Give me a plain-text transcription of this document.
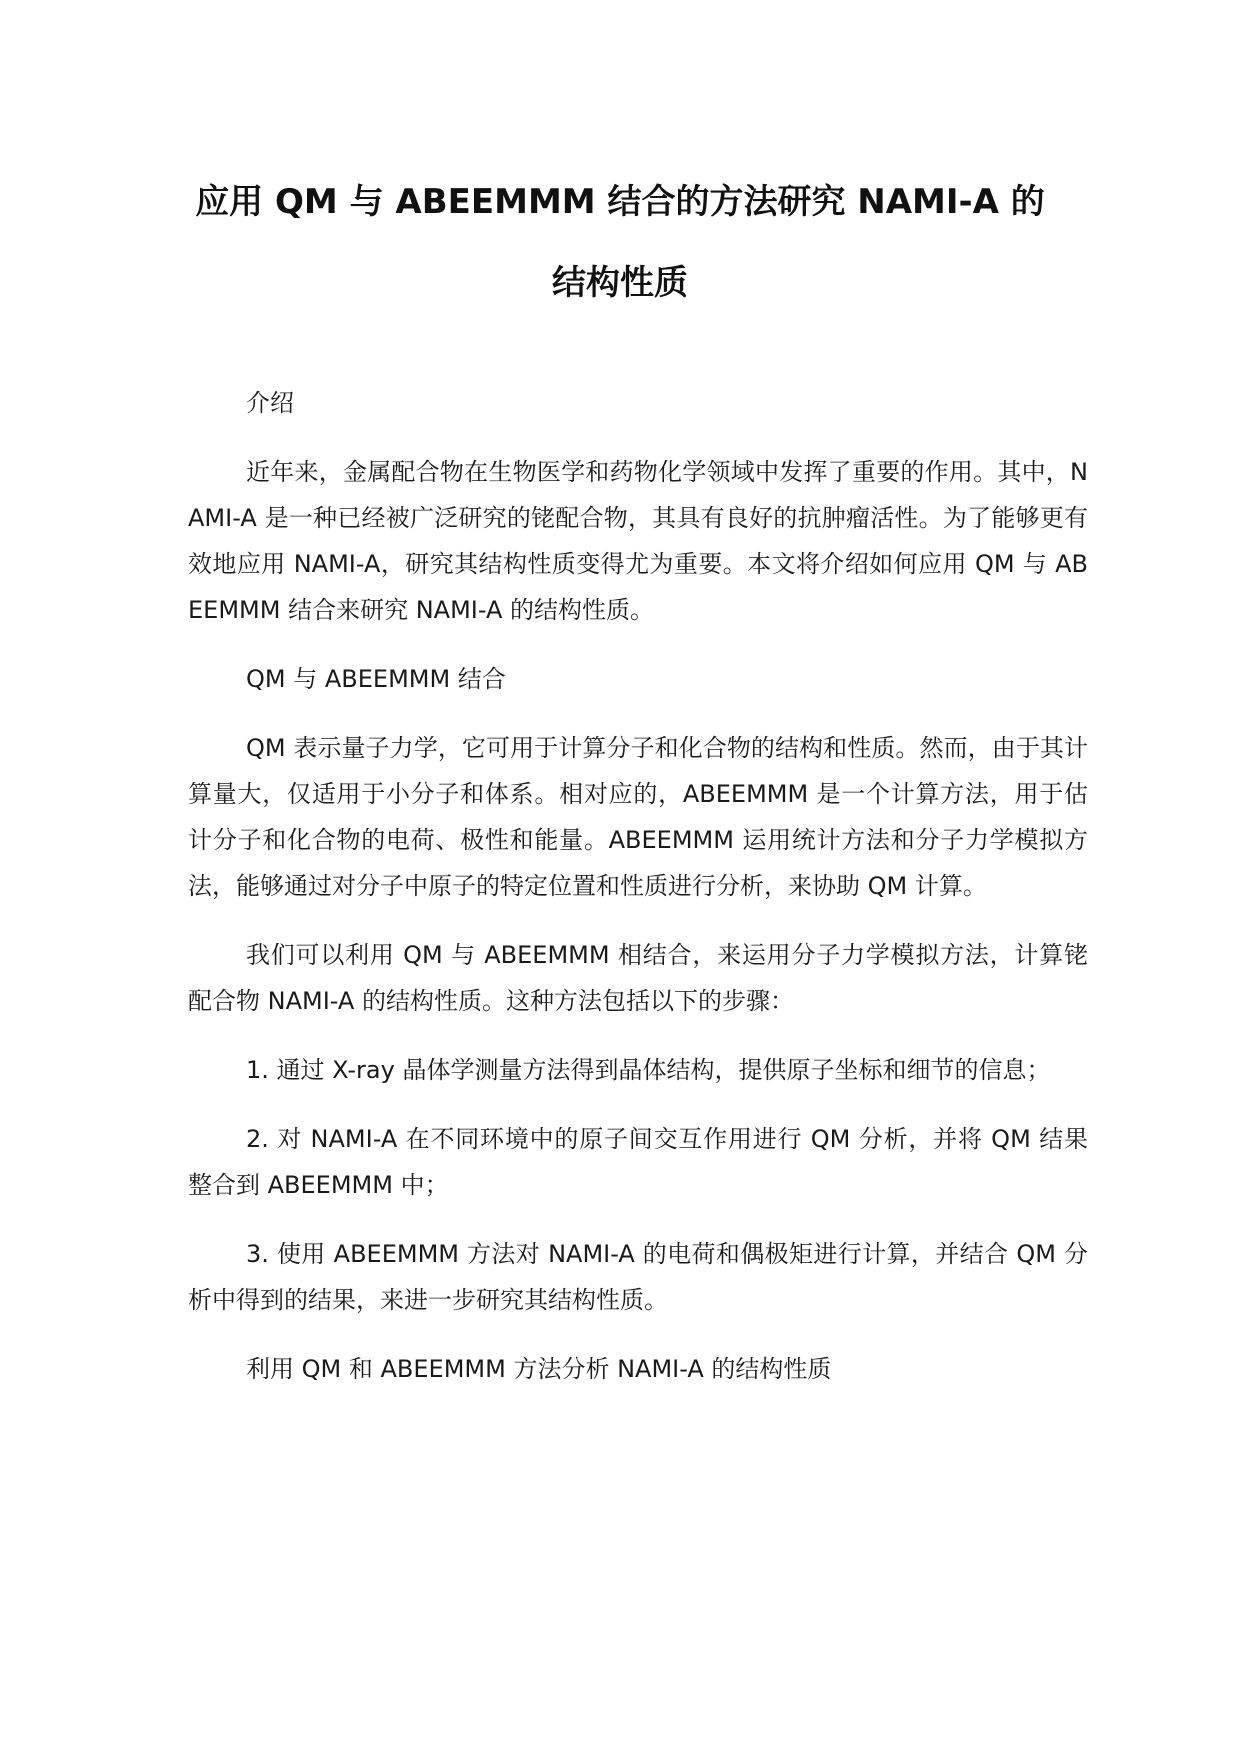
应用 QM 与 ABEEMMM 结合的方法研究 NAMI-A 的
结构性质

介绍

近年来，金属配合物在生物医学和药物化学领域中发挥了重要的作用。其中，NAMI-A 是一种已经被广泛研究的铑配合物，其具有良好的抗肿瘤活性。为了能够更有效地应用 NAMI-A，研究其结构性质变得尤为重要。本文将介绍如何应用 QM 与 ABEEMMM 结合来研究 NAMI-A 的结构性质。

QM 与 ABEEMMM 结合

QM 表示量子力学，它可用于计算分子和化合物的结构和性质。然而，由于其计算量大，仅适用于小分子和体系。相对应的，ABEEMMM 是一个计算方法，用于估计分子和化合物的电荷、极性和能量。ABEEMMM 运用统计方法和分子力学模拟方法，能够通过对分子中原子的特定位置和性质进行分析，来协助 QM 计算。

我们可以利用 QM 与 ABEEMMM 相结合，来运用分子力学模拟方法，计算铑配合物 NAMI-A 的结构性质。这种方法包括以下的步骤：

1. 通过 X-ray 晶体学测量方法得到晶体结构，提供原子坐标和细节的信息；

2. 对 NAMI-A 在不同环境中的原子间交互作用进行 QM 分析，并将 QM 结果整合到 ABEEMMM 中；

3. 使用 ABEEMMM 方法对 NAMI-A 的电荷和偶极矩进行计算，并结合 QM 分析中得到的结果，来进一步研究其结构性质。

利用 QM 和 ABEEMMM 方法分析 NAMI-A 的结构性质
